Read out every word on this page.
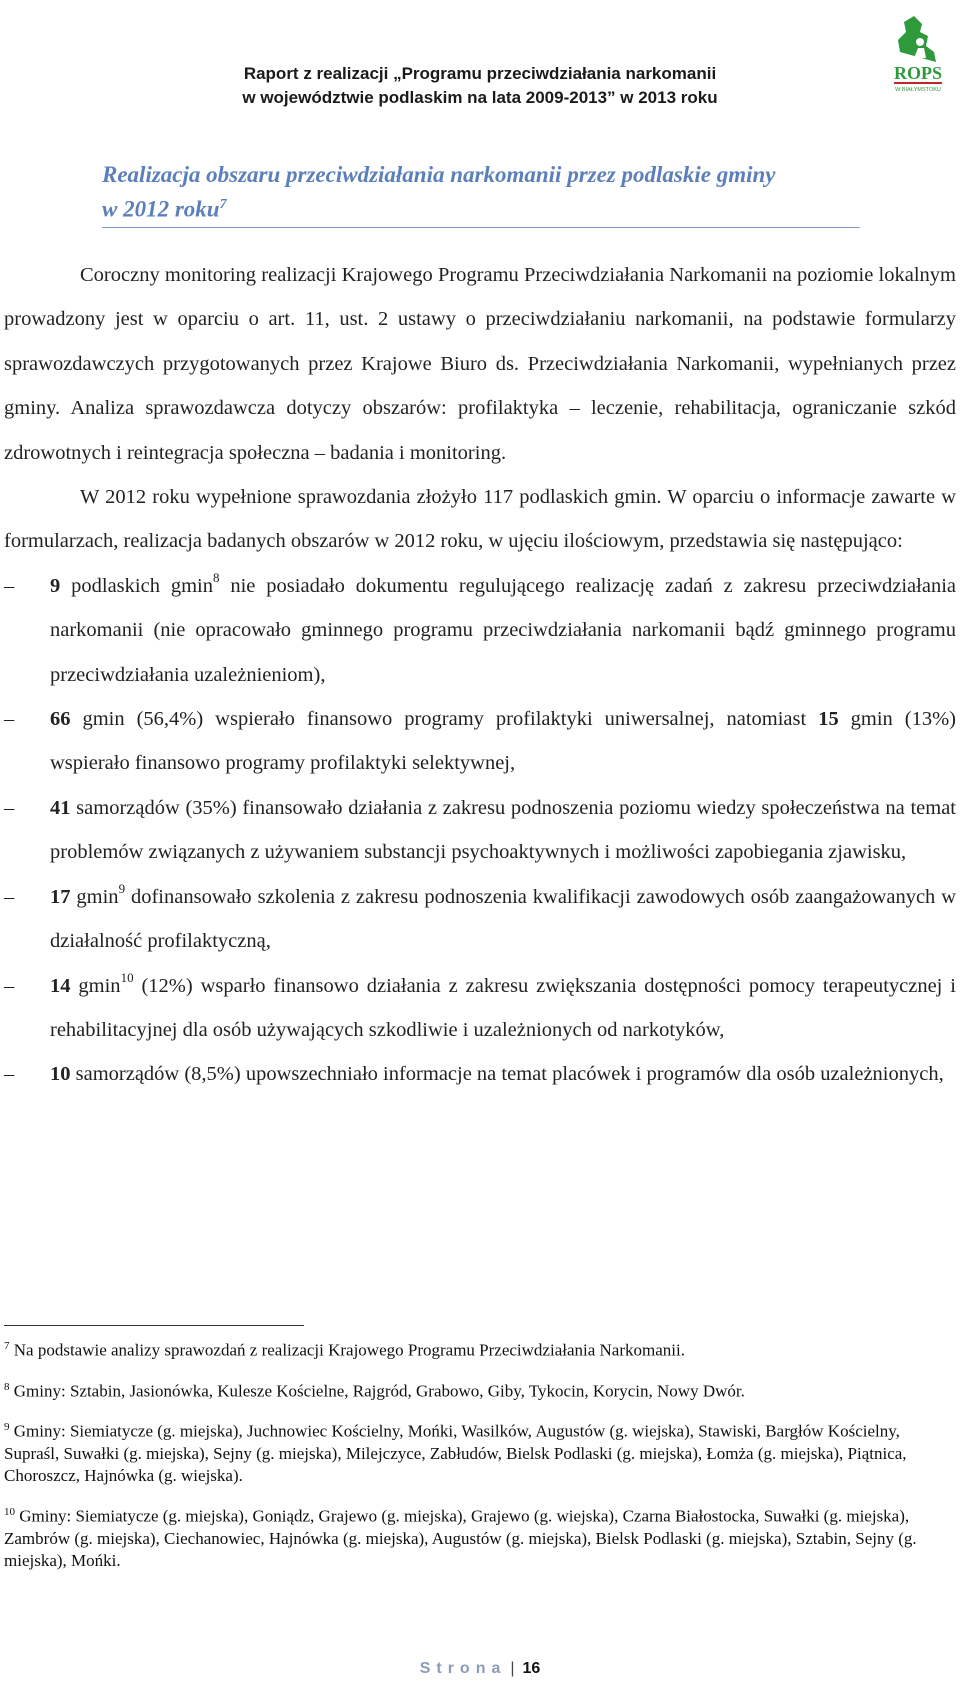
Raport z realizacji „Programu przeciwdziałania narkomanii
w województwie podlaskim na lata 2009-2013” w 2013 roku
ROPS
W BIAŁYMSTOKU
Realizacja obszaru przeciwdziałania narkomanii przez podlaskie gminy
w 2012 roku$^7$

Coroczny monitoring realizacji Krajowego Programu Przeciwdziałania Narkomanii na poziomie lokalnym prowadzony jest w oparciu o art. 11, ust. 2 ustawy o przeciwdziałaniu narkomanii, na podstawie formularzy sprawozdawczych przygotowanych przez Krajowe Biuro ds. Przeciwdziałania Narkomanii, wypełnianych przez gminy. Analiza sprawozdawcza dotyczy obszarów: profilaktyka – leczenie, rehabilitacja, ograniczanie szkód zdrowotnych i reintegracja społeczna – badania i monitoring.

W 2012 roku wypełnione sprawozdania złożyło 117 podlaskich gmin. W oparciu o informacje zawarte w formularzach, realizacja badanych obszarów w 2012 roku, w ujęciu ilościowym, przedstawia się następująco:

– 9 podlaskich gmin$^8$ nie posiadało dokumentu regulującego realizację zadań z zakresu przeciwdziałania narkomanii (nie opracowało gminnego programu przeciwdziałania narkomanii bądź gminnego programu przeciwdziałania uzależnieniom),
– 66 gmin (56,4%) wspierało finansowo programy profilaktyki uniwersalnej, natomiast 15 gmin (13%) wspierało finansowo programy profilaktyki selektywnej,
– 41 samorządów (35%) finansowało działania z zakresu podnoszenia poziomu wiedzy społeczeństwa na temat problemów związanych z używaniem substancji psychoaktywnych i możliwości zapobiegania zjawisku,
– 17 gmin$^9$ dofinansowało szkolenia z zakresu podnoszenia kwalifikacji zawodowych osób zaangażowanych w działalność profilaktyczną,
– 14 gmin$^{10}$ (12%) wsparło finansowo działania z zakresu zwiększania dostępności pomocy terapeutycznej i rehabilitacyjnej dla osób używających szkodliwie i uzależnionych od narkotyków,
– 10 samorządów (8,5%) upowszechniało informacje na temat placówek i programów dla osób uzależnionych,

$^7$ Na podstawie analizy sprawozdań z realizacji Krajowego Programu Przeciwdziałania Narkomanii.

$^8$ Gminy: Sztabin, Jasionówka, Kulesze Kościelne, Rajgród, Grabowo, Giby, Tykocin, Korycin, Nowy Dwór.

$^9$ Gminy: Siemiatycze (g. miejska), Juchnowiec Kościelny, Mońki, Wasilków, Augustów (g. wiejska), Stawiski, Bargłów Kościelny, Supraśl, Suwałki (g. miejska), Sejny (g. miejska), Milejczyce, Zabłudów, Bielsk Podlaski (g. miejska), Łomża (g. miejska), Piątnica, Choroszcz, Hajnówka (g. wiejska).

$^{10}$ Gminy: Siemiatycze (g. miejska), Goniądz, Grajewo (g. miejska), Grajewo (g. wiejska), Czarna Białostocka, Suwałki (g. miejska), Zambrów (g. miejska), Ciechanowiec, Hajnówka (g. miejska), Augustów (g. miejska), Bielsk Podlaski (g. miejska), Sztabin, Sejny (g. miejska), Mońki.

Strona | 16
